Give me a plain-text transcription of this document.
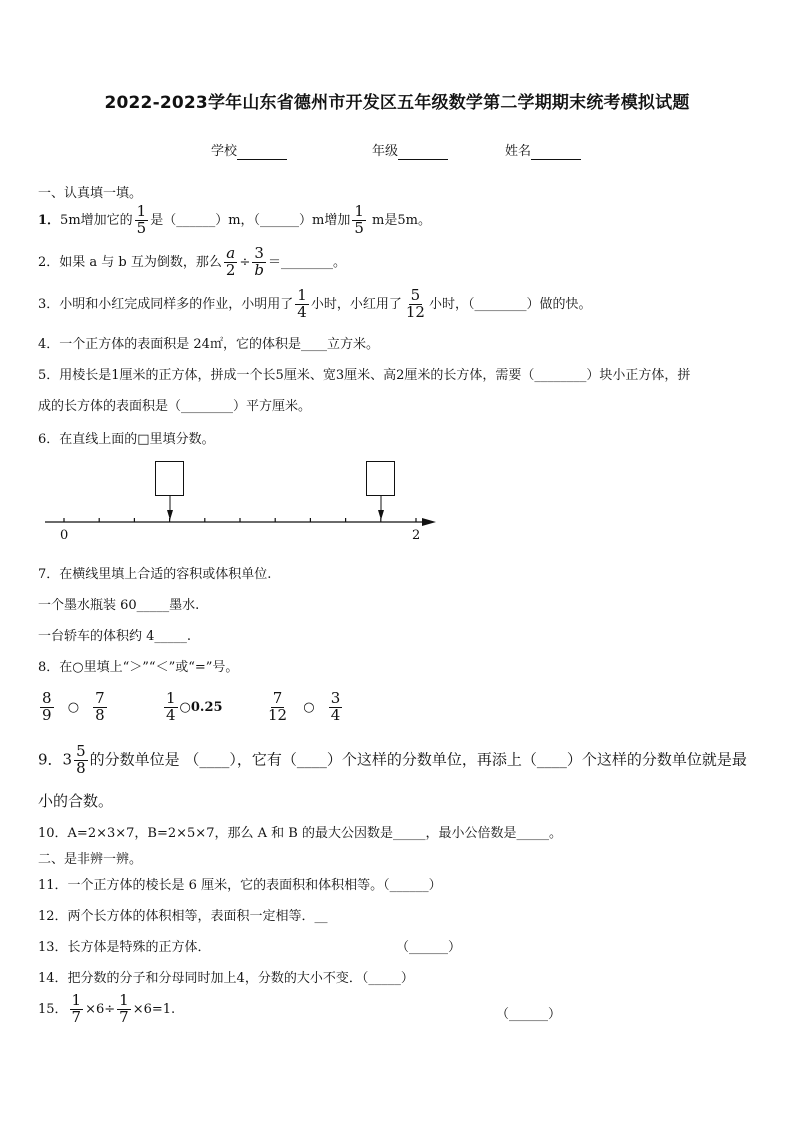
2022-2023学年山东省德州市开发区五年级数学第二学期期末统考模拟试题
学校	年级	姓名
一、认真填一填。
1．5m增加它的 $\frac{1}{5}$ 是（______）m，（______）m增加 $\frac{1}{5}$ m是5m。
2．如果 a 与 b 互为倒数，那么 $\frac{a}{2} \div \frac{3}{b}$ ＝________。
3．小明和小红完成同样多的作业，小明用了 $\frac{1}{4}$ 小时，小红用了 $\frac{5}{12}$ 小时，（________）做的快。
4．一个正方体的表面积是 24㎡，它的体积是____立方米。
5．用棱长是1厘米的正方体，拼成一个长5厘米、宽3厘米、高2厘米的长方体，需要（________）块小正方体，拼
成的长方体的表面积是（________）平方厘米。
6．在直线上面的□里填分数。
0	2
7．在横线里填上合适的容积或体积单位.
一个墨水瓶装 60_____墨水.
一台轿车的体积约 4_____.
8．在○里填上“＞”“＜”或“=”号。
$\frac{8}{9}$ ○ $\frac{7}{8}$	$\frac{1}{4}$ ○0.25	$\frac{7}{12}$ ○ $\frac{3}{4}$
9．$3 \frac{5}{8}$ 的分数单位是 （____），它有（____）个这样的分数单位，再添上（____）个这样的分数单位就是最
小的合数。
10．A=2×3×7，B=2×5×7，那么 A 和 B 的最大公因数是_____，最小公倍数是_____。
二、是非辨一辨。
11．一个正方体的棱长是 6 厘米，它的表面积和体积相等。（______）
12．两个长方体的体积相等，表面积一定相等．__
13．长方体是特殊的正方体．	（______）
14．把分数的分子和分母同时加上4，分数的大小不变．（_____）
15． $\frac{1}{7} \times 6\div \frac{1}{7} \times 6=1$.	（______）
